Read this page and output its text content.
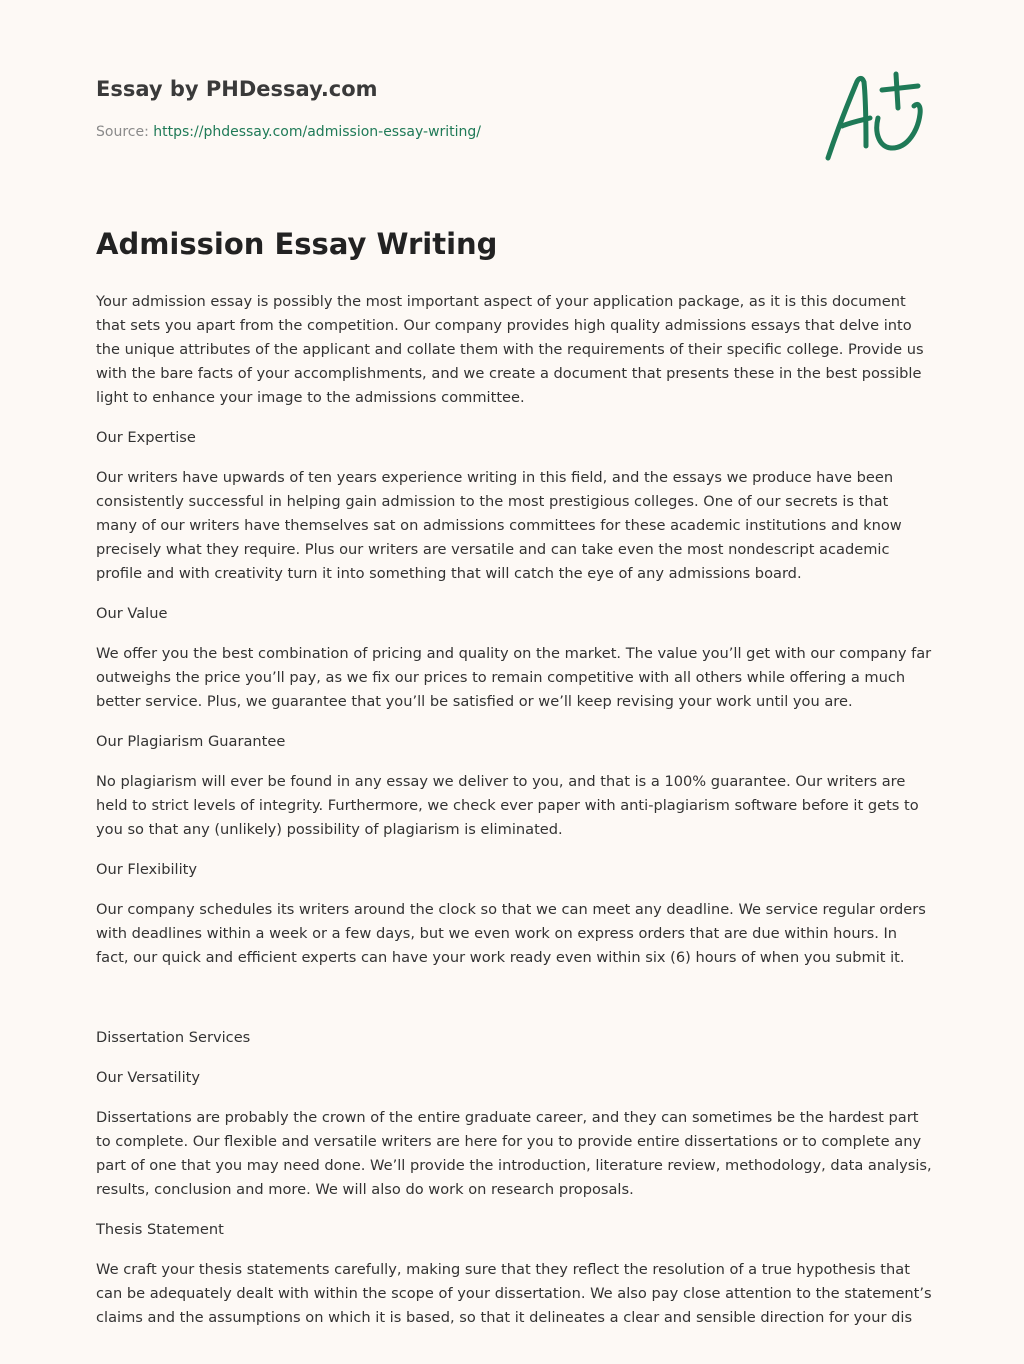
Essay by PHDessay.com
Source: https://phdessay.com/admission-essay-writing/
Admission Essay Writing

Your admission essay is possibly the most important aspect of your application package, as it is this document that sets you apart from the competition. Our company provides high quality admissions essays that delve into the unique attributes of the applicant and collate them with the requirements of their specific college. Provide us with the bare facts of your accomplishments, and we create a document that presents these in the best possible light to enhance your image to the admissions committee.

Our Expertise

Our writers have upwards of ten years experience writing in this field, and the essays we produce have been consistently successful in helping gain admission to the most prestigious colleges. One of our secrets is that many of our writers have themselves sat on admissions committees for these academic institutions and know precisely what they require. Plus our writers are versatile and can take even the most nondescript academic profile and with creativity turn it into something that will catch the eye of any admissions board.

Our Value

We offer you the best combination of pricing and quality on the market. The value you’ll get with our company far outweighs the price you’ll pay, as we fix our prices to remain competitive with all others while offering a much better service. Plus, we guarantee that you’ll be satisfied or we’ll keep revising your work until you are.

Our Plagiarism Guarantee

No plagiarism will ever be found in any essay we deliver to you, and that is a 100% guarantee. Our writers are held to strict levels of integrity. Furthermore, we check ever paper with anti-plagiarism software before it gets to you so that any (unlikely) possibility of plagiarism is eliminated.

Our Flexibility

Our company schedules its writers around the clock so that we can meet any deadline. We service regular orders with deadlines within a week or a few days, but we even work on express orders that are due within hours. In fact, our quick and efficient experts can have your work ready even within six (6) hours of when you submit it.

Dissertation Services

Our Versatility

Dissertations are probably the crown of the entire graduate career, and they can sometimes be the hardest part to complete. Our flexible and versatile writers are here for you to provide entire dissertations or to complete any part of one that you may need done. We’ll provide the introduction, literature review, methodology, data analysis, results, conclusion and more. We will also do work on research proposals.

Thesis Statement

We craft your thesis statements carefully, making sure that they reflect the resolution of a true hypothesis that can be adequately dealt with within the scope of your dissertation. We also pay close attention to the statement’s claims and the assumptions on which it is based, so that it delineates a clear and sensible direction for your dis
